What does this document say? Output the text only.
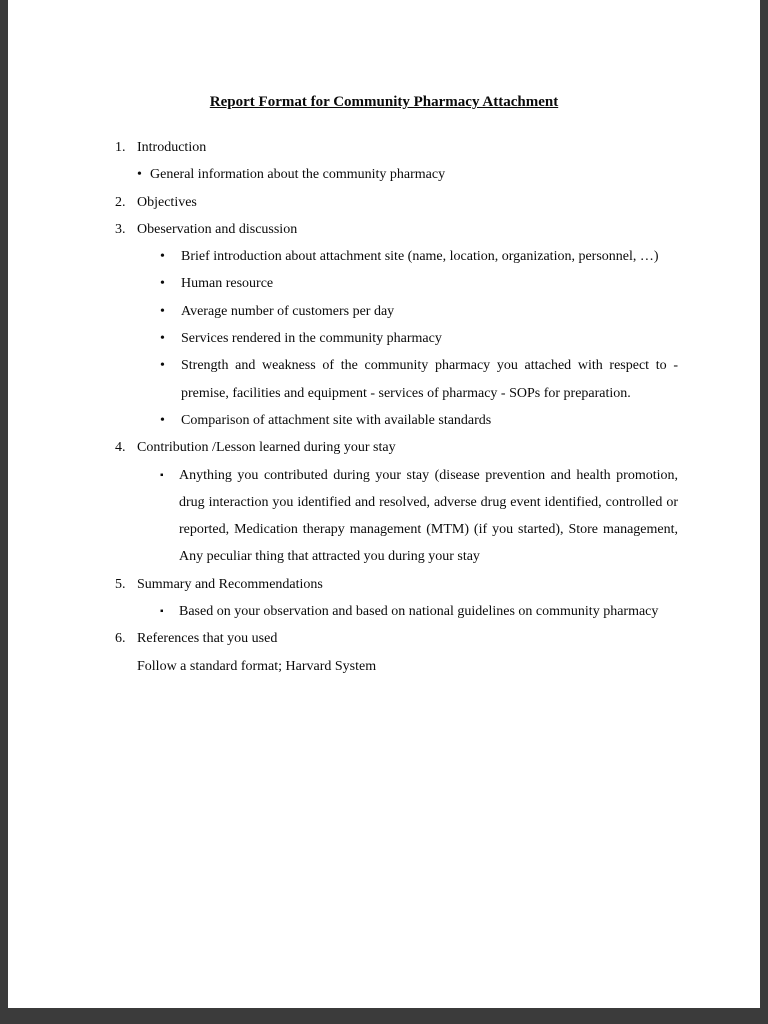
Report Format for Community Pharmacy Attachment
1. Introduction
• General information about the community pharmacy
2. Objectives
3. Obeservation and discussion
•	Brief introduction about attachment site (name, location, organization, personnel, …)
•	Human resource
•	Average number of customers per day
•	Services rendered in the community pharmacy
•	Strength and weakness of the community pharmacy you attached with respect to - premise, facilities and equipment - services of pharmacy - SOPs for preparation.
•	Comparison of attachment site with available standards
4. Contribution /Lesson learned during your stay
▪	Anything you contributed during your stay (disease prevention and health promotion, drug interaction you identified and resolved, adverse drug event identified, controlled or reported, Medication therapy management (MTM) (if you started), Store management, Any peculiar thing that attracted you during your stay
5. Summary and Recommendations
▪	Based on your observation and based on national guidelines on community pharmacy
6. References that you used
Follow a standard format; Harvard System
